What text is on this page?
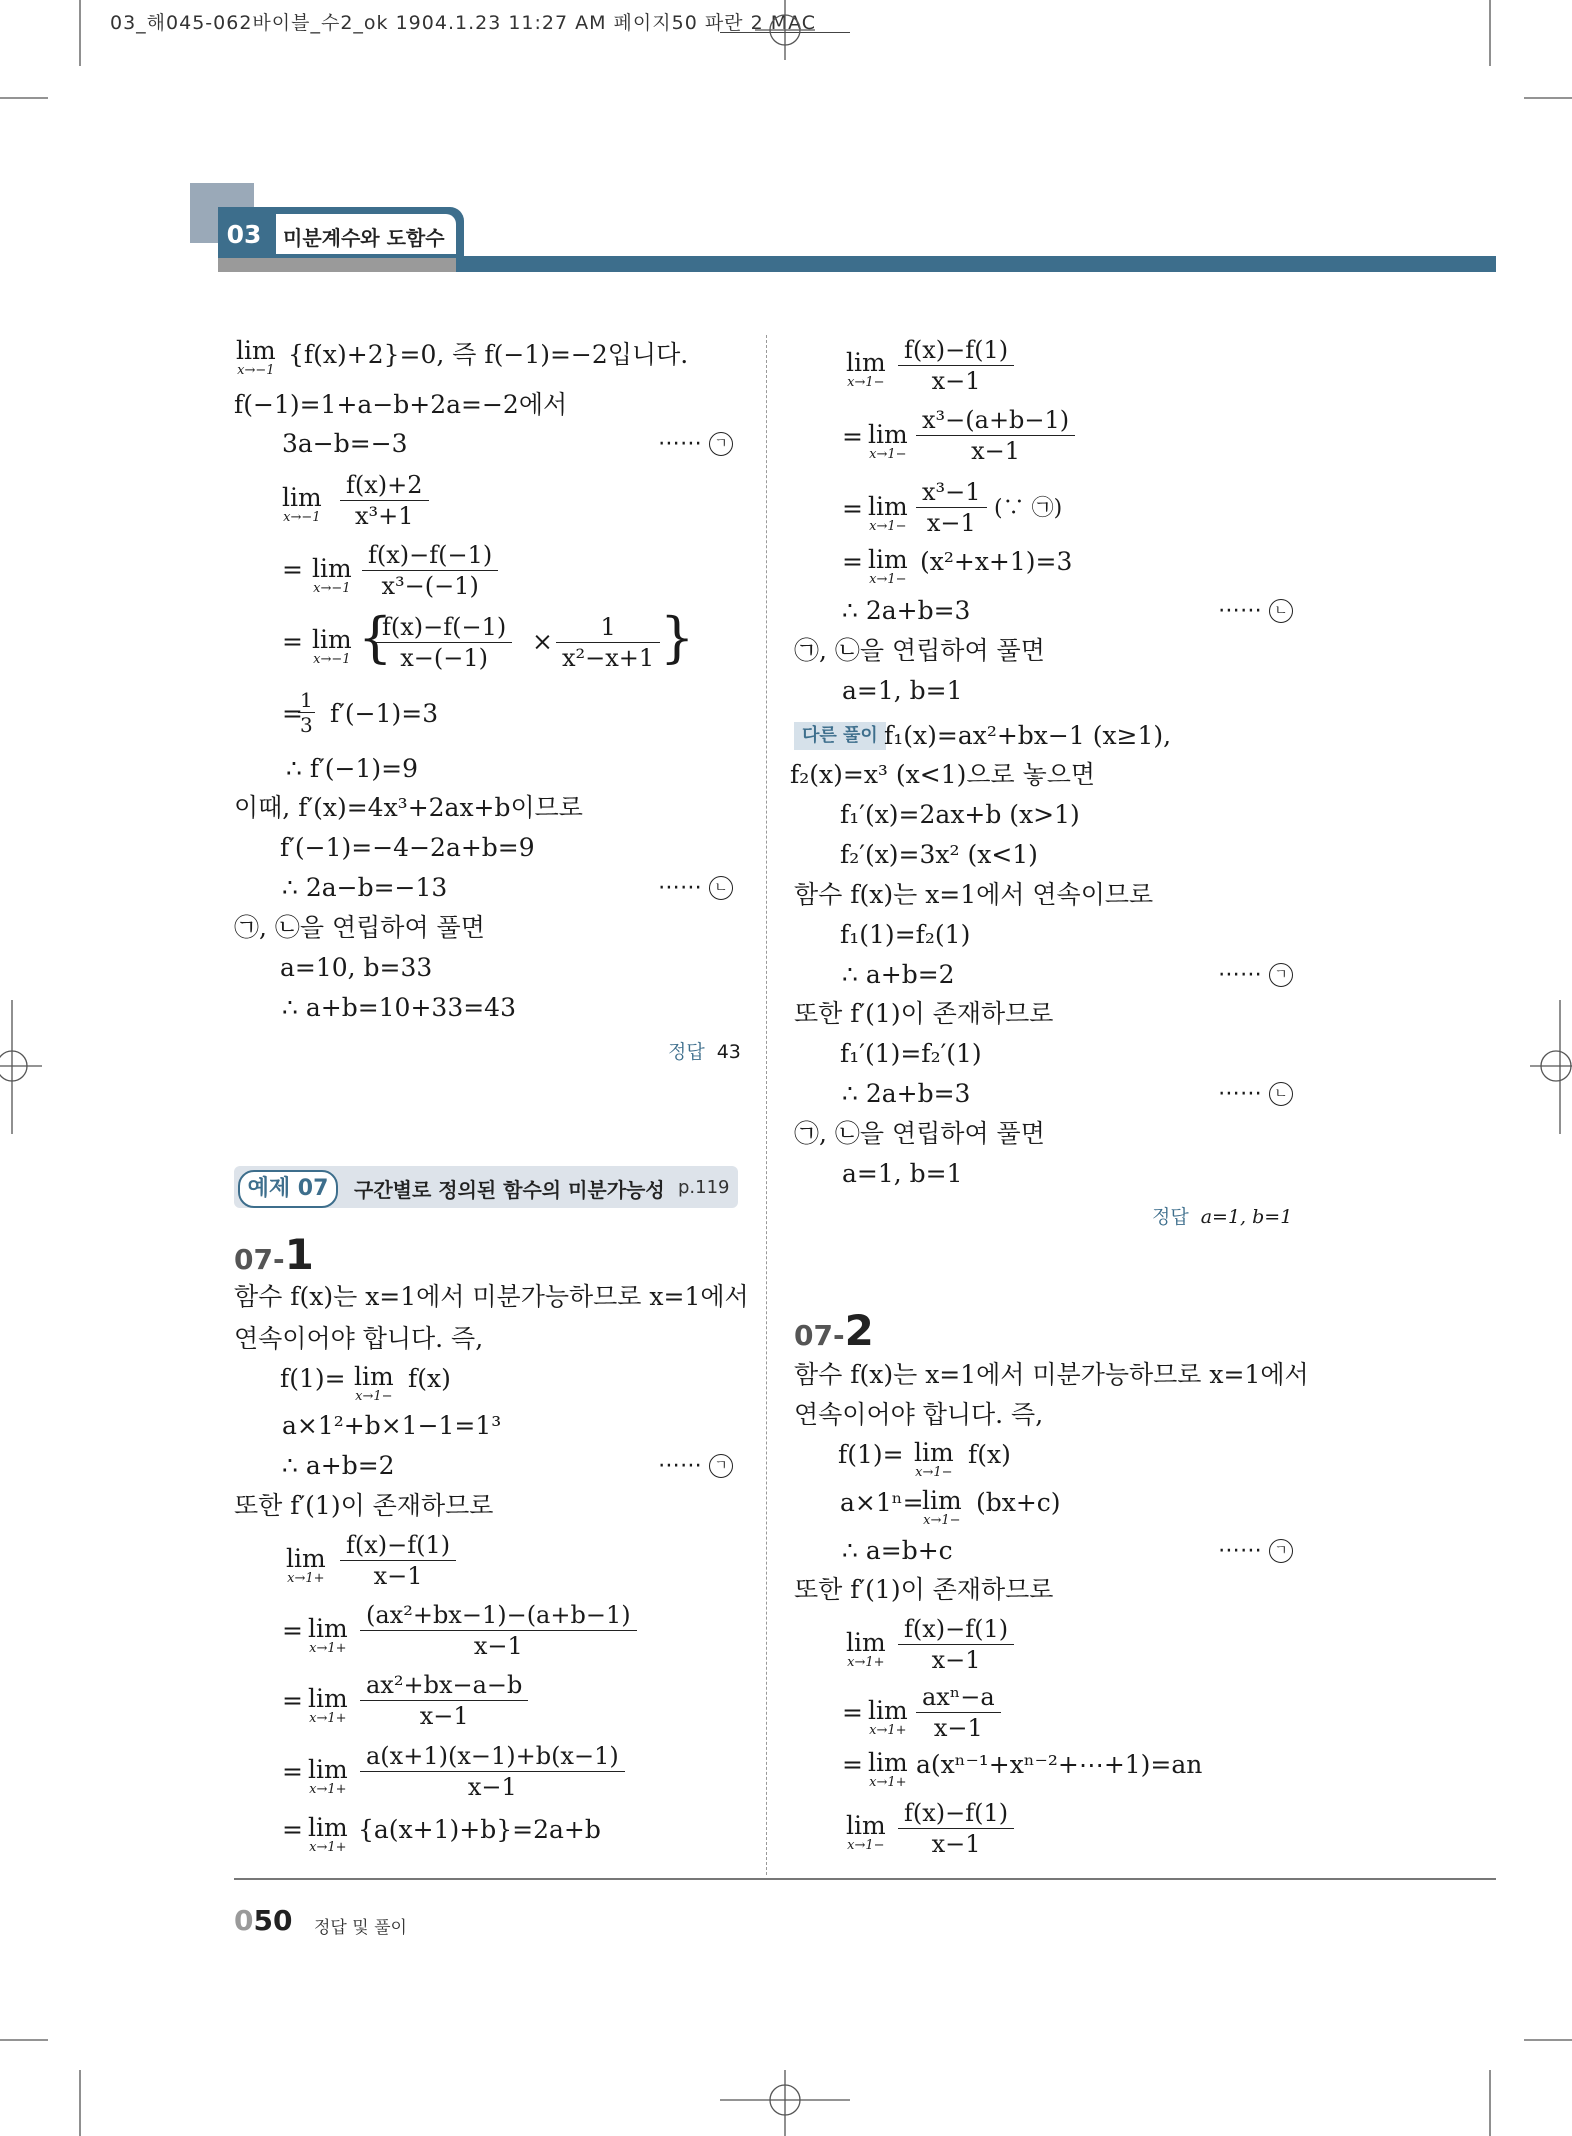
03_해045-062바이블_수2_ok 1904.1.23 11:27 AM 페이지50 파란 2 MAC
03 미분계수와 도함수
lim
x→−1
{f(x)+2}=0, 즉 f(−1)=−2입니다.
f(−1)=1+a−b+2a=−2에서
3a−b=−3	⋯⋯ ㄱ
lim
$x\to-1 \frac{f(x)+2}{\text{x³+1}}$
= lim
$x\to-1 \frac{f(x)-f(-1)}{\text{x³−(−1)}}$
= lim
x→−1 {
$\frac{f(x)-f(-1)}{x-(-1)} \times \frac{1}{\text{x²−x+1}}$ }
=
$\frac{1}{3} f'(-1)=3$
∴ f′(−1)=9
이때, f′(x)=4x³+2ax+b이므로
f′(−1)=−4−2a+b=9
∴ 2a−b=−13	⋯⋯ ㄴ
㉠, ㉡을 연립하여 풀면
a=10, b=33
∴ a+b=10+33=43
정답 43
예제 07	구간별로 정의된 함수의 미분가능성 p.119
07-1
함수 f(x)는 x=1에서 미분가능하므로 x=1에서
연속이어야 합니다. 즉,
f(1)= lim
x→1−
f(x)
a×1²+b×1−1=1³
∴ a+b=2	⋯⋯ ㄱ
또한 f′(1)이 존재하므로
lim
$x\to 1+ \frac{f(x)-f(1)}{x-1}$
= lim
$x\to 1+ \frac{\text{(ax²+bx−1)−(a+b−1)}}{x-1}$
= lim
$x\to 1+ \frac{\text{ax²+bx−a−b}}{x-1}$
= lim
$x\to 1+ \frac{a(x+1)(x-1)+b(x-1)}{x-1}$
= lim
x→1+
{a(x+1)+b}=2a+b
lim
$x\to 1- \frac{f(x)-f(1)}{x-1}$
= lim
$x\to 1- \frac{\text{x³−(a+b−1)}}{x-1}$
= lim
$x\to 1- \frac{\text{x³−1}}{x-1}$ (∵ ㉠)
= lim
x→1−
(x²+x+1)=3
∴ 2a+b=3	⋯⋯ ㄴ
㉠, ㉡을 연립하여 풀면
a=1, b=1
다른 풀이 f₁(x)=ax²+bx−1 (x≥1),
f₂(x)=x³ (x<1)으로 놓으면
f₁′(x)=2ax+b (x>1)
f₂′(x)=3x² (x<1)
함수 f(x)는 x=1에서 연속이므로
f₁(1)=f₂(1)
∴ a+b=2	⋯⋯ ㄱ
또한 f′(1)이 존재하므로
f₁′(1)=f₂′(1)
∴ 2a+b=3	⋯⋯ ㄴ
㉠, ㉡을 연립하여 풀면
a=1, b=1
정답 a=1, b=1
07-2
함수 f(x)는 x=1에서 미분가능하므로 x=1에서
연속이어야 합니다. 즉,
f(1)= lim
x→1−
f(x)
a×1ⁿ=
lim
x→1−
(bx+c)
∴ a=b+c	⋯⋯ ㄱ
또한 f′(1)이 존재하므로
lim
$x\to 1+ \frac{f(x)-f(1)}{x-1}$
= lim
x→1+
axⁿ−a
x−1
= lim
x→1+
a(xⁿ⁻¹+xⁿ⁻²+⋯+1)=an
lim
$x\to 1- \frac{f(x)-f(1)}{x-1}$
050 정답 및 풀이
